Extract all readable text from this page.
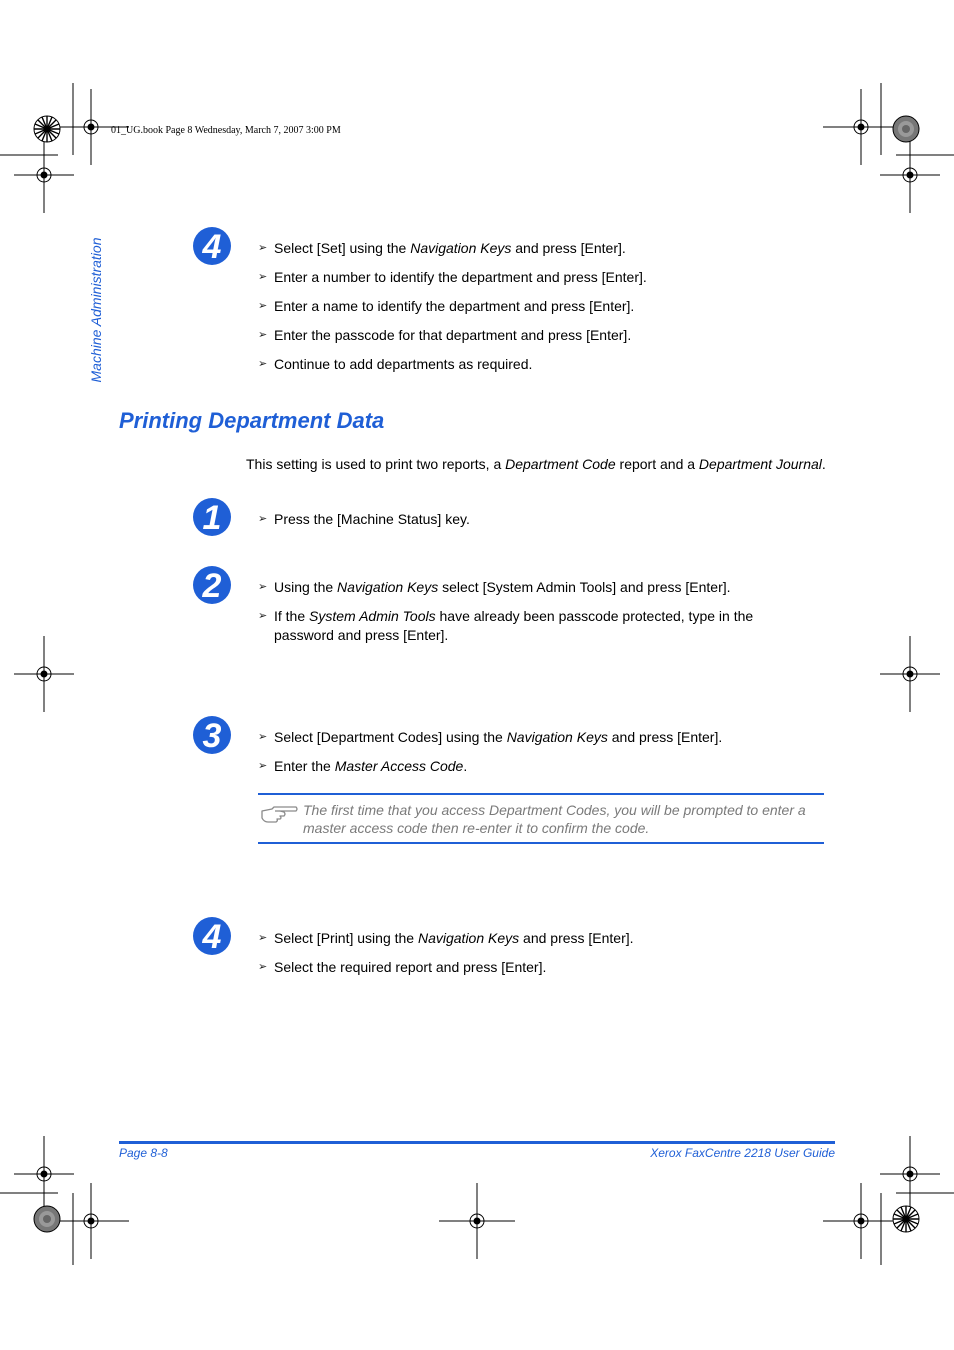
01_UG.book Page 8 Wednesday, March 7, 2007 3:00 PM
Machine Administration	4	➢ Select [Set] using the Navigation Keys and press [Enter].
➢ Enter a number to identify the department and press [Enter].
➢ Enter a name to identify the department and press [Enter].
➢ Enter the passcode for that department and press [Enter].
➢ Continue to add departments as required.
Printing Department Data
This setting is used to print two reports, a Department Code report and a Department Journal.
1	➢ Press the [Machine Status] key.
2	➢ Using the Navigation Keys select [System Admin Tools] and press [Enter].
➢ If the System Admin Tools have already been passcode protected, type in the password and press [Enter].
3	➢ Select [Department Codes] using the Navigation Keys and press [Enter].
➢ Enter the Master Access Code.
The first time that you access Department Codes, you will be prompted to enter a master access code then re-enter it to confirm the code.
4	➢ Select [Print] using the Navigation Keys and press [Enter].
➢ Select the required report and press [Enter].
Page 8-8	Xerox FaxCentre 2218 User Guide
